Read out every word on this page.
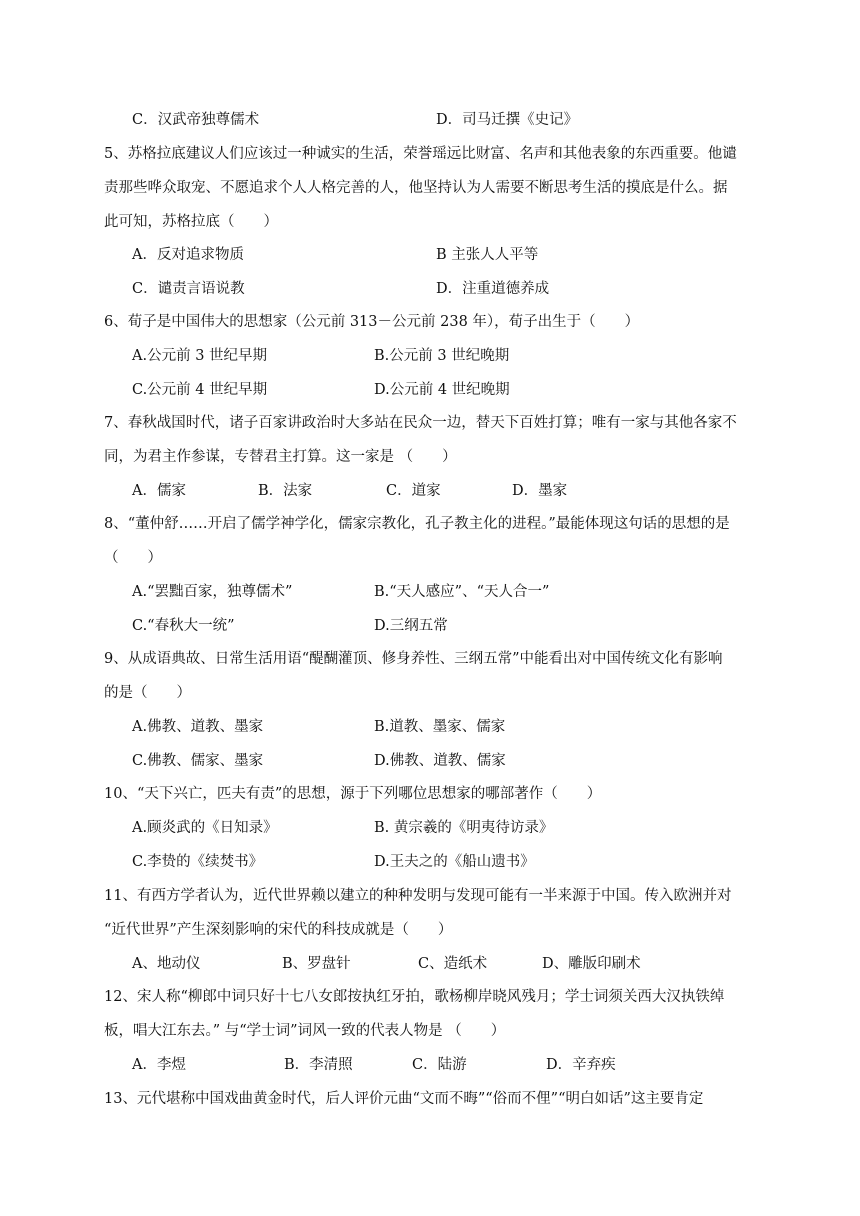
C．汉武帝独尊儒术	D．司马迁撰《史记》
5、苏格拉底建议人们应该过一种诚实的生活，荣誉瑶远比财富、名声和其他表象的东西重要。他谴
责那些哗众取宠、不愿追求个人人格完善的人，他坚持认为人需要不断思考生活的摸底是什么。据
此可知，苏格拉底（　　）
A．反对追求物质	B 主张人人平等
C．谴责言语说教	D．注重道德养成
6、荀子是中国伟大的思想家（公元前 313－公元前 238 年），荀子出生于（　　）
A.公元前 3 世纪早期	B.公元前 3 世纪晚期
C.公元前 4 世纪早期	D.公元前 4 世纪晚期
7、春秋战国时代，诸子百家讲政治时大多站在民众一边，替天下百姓打算；唯有一家与其他各家不
同，为君主作参谋，专替君主打算。这一家是 （　　）
A．儒家	B．法家	C．道家	D．墨家
8、“董仲舒……开启了儒学神学化，儒家宗教化，孔子教主化的进程。”最能体现这句话的思想的是
（　　）
A.“罢黜百家，独尊儒术”	B.“天人感应”、“天人合一”
C.“春秋大一统”	D.三纲五常
9、从成语典故、日常生活用语“醍醐灌顶、修身养性、三纲五常”中能看出对中国传统文化有影响
的是（　　）
A.佛教、道教、墨家	B.道教、墨家、儒家
C.佛教、儒家、墨家	D.佛教、道教、儒家
10、“天下兴亡，匹夫有责”的思想，源于下列哪位思想家的哪部著作（　　）
A.顾炎武的《日知录》	B. 黄宗羲的《明夷待访录》
C.李贽的《续焚书》	D.王夫之的《船山遗书》
11、有西方学者认为，近代世界赖以建立的种种发明与发现可能有一半来源于中国。传入欧洲并对
“近代世界”产生深刻影响的宋代的科技成就是（　　）
A、地动仪	B、罗盘针	C、造纸术	D、雕版印刷术
12、宋人称“柳郎中词只好十七八女郎按执红牙拍，歌杨柳岸晓风残月；学士词须关西大汉执铁绰
板，唱大江东去。” 与“学士词”词风一致的代表人物是 （　　）
A．李煜	B．李清照	C．陆游	D．辛弃疾
13、元代堪称中国戏曲黄金时代，后人评价元曲“文而不晦”“俗而不俚”“明白如话”这主要肯定
